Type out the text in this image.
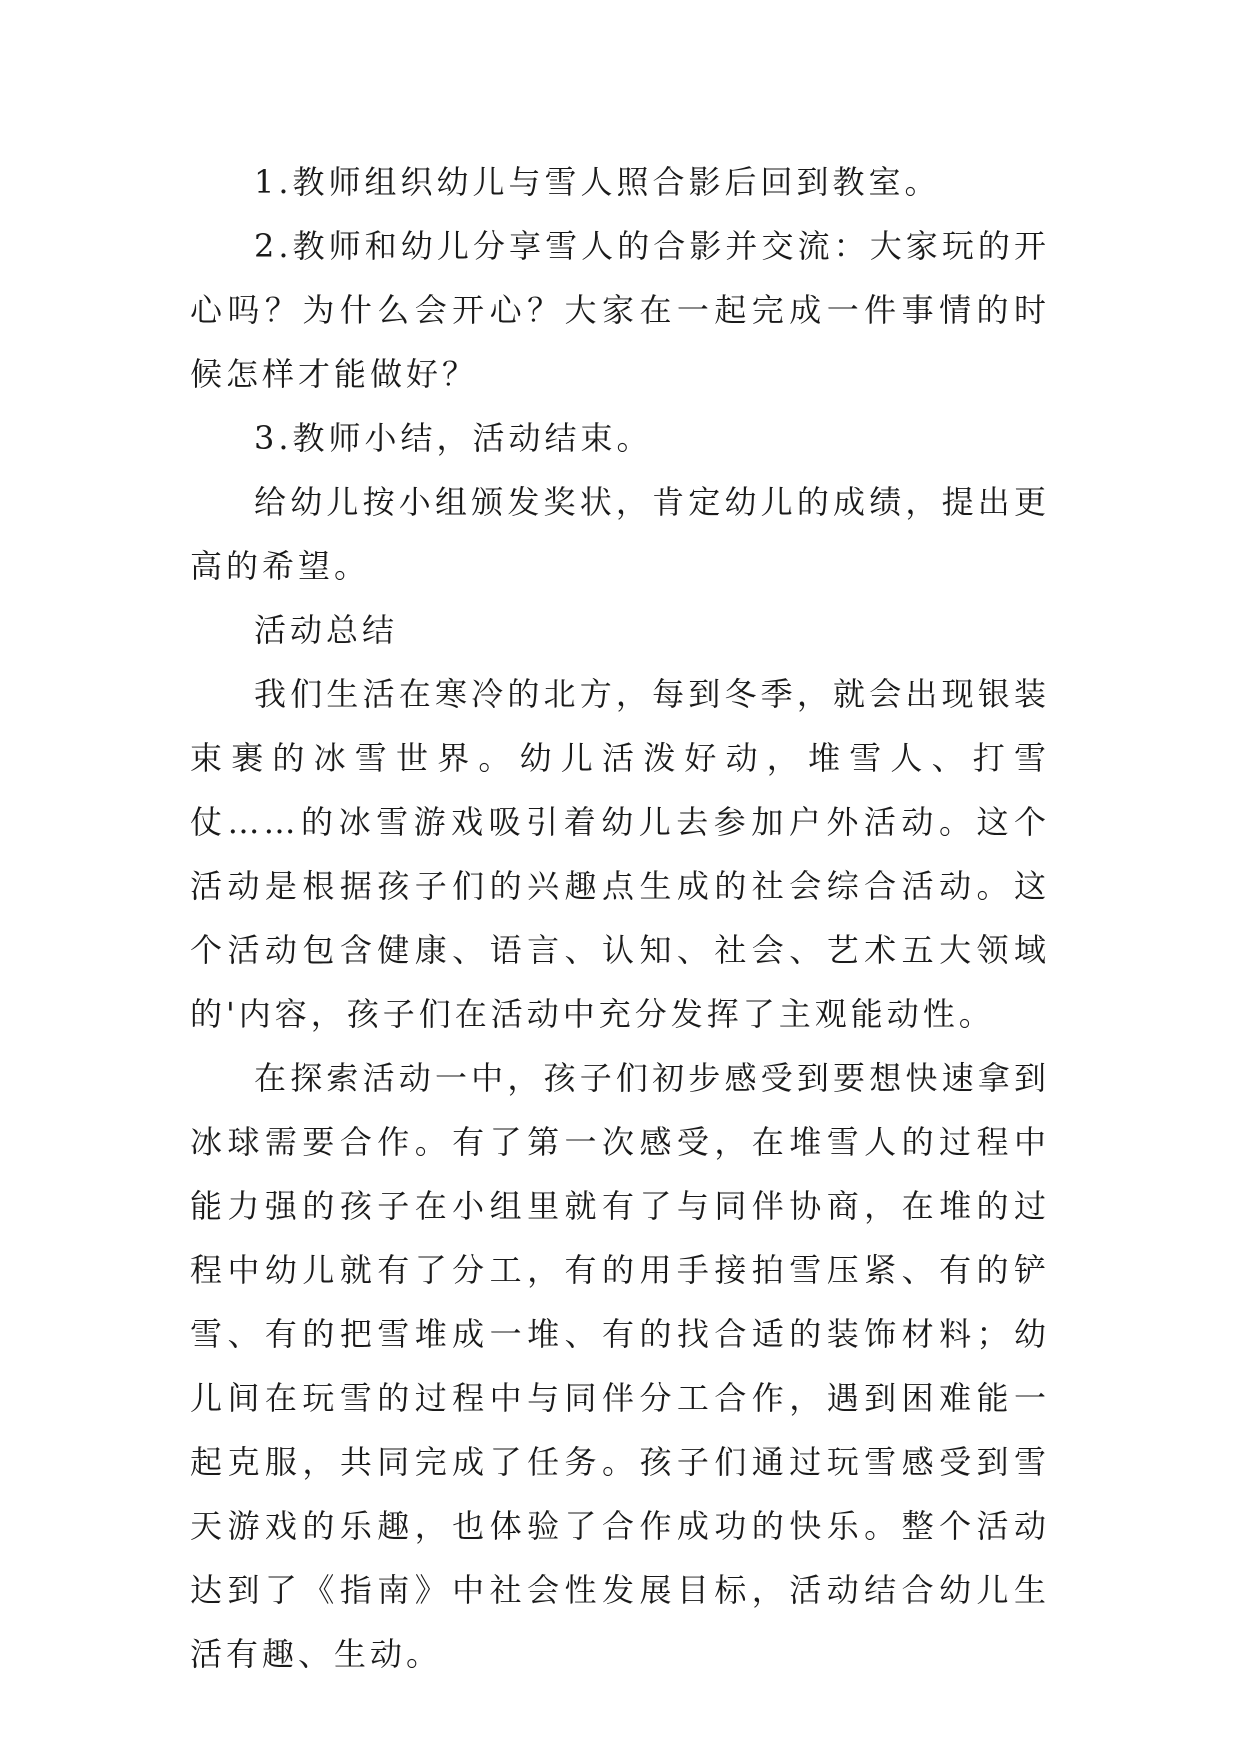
1.教师组织幼儿与雪人照合影后回到教室。

2.教师和幼儿分享雪人的合影并交流：大家玩的开心吗？为什么会开心？大家在一起完成一件事情的时候怎样才能做好？

3.教师小结，活动结束。

给幼儿按小组颁发奖状，肯定幼儿的成绩，提出更高的希望。

活动总结

我们生活在寒冷的北方，每到冬季，就会出现银装束裹的冰雪世界。幼儿活泼好动，堆雪人、打雪仗……的冰雪游戏吸引着幼儿去参加户外活动。这个活动是根据孩子们的兴趣点生成的社会综合活动。这个活动包含健康、语言、认知、社会、艺术五大领域的'内容，孩子们在活动中充分发挥了主观能动性。

在探索活动一中，孩子们初步感受到要想快速拿到冰球需要合作。有了第一次感受，在堆雪人的过程中能力强的孩子在小组里就有了与同伴协商，在堆的过程中幼儿就有了分工，有的用手接拍雪压紧、有的铲雪、有的把雪堆成一堆、有的找合适的装饰材料；幼儿间在玩雪的过程中与同伴分工合作，遇到困难能一起克服，共同完成了任务。孩子们通过玩雪感受到雪天游戏的乐趣，也体验了合作成功的快乐。整个活动达到了《指南》中社会性发展目标，活动结合幼儿生活有趣、生动。
